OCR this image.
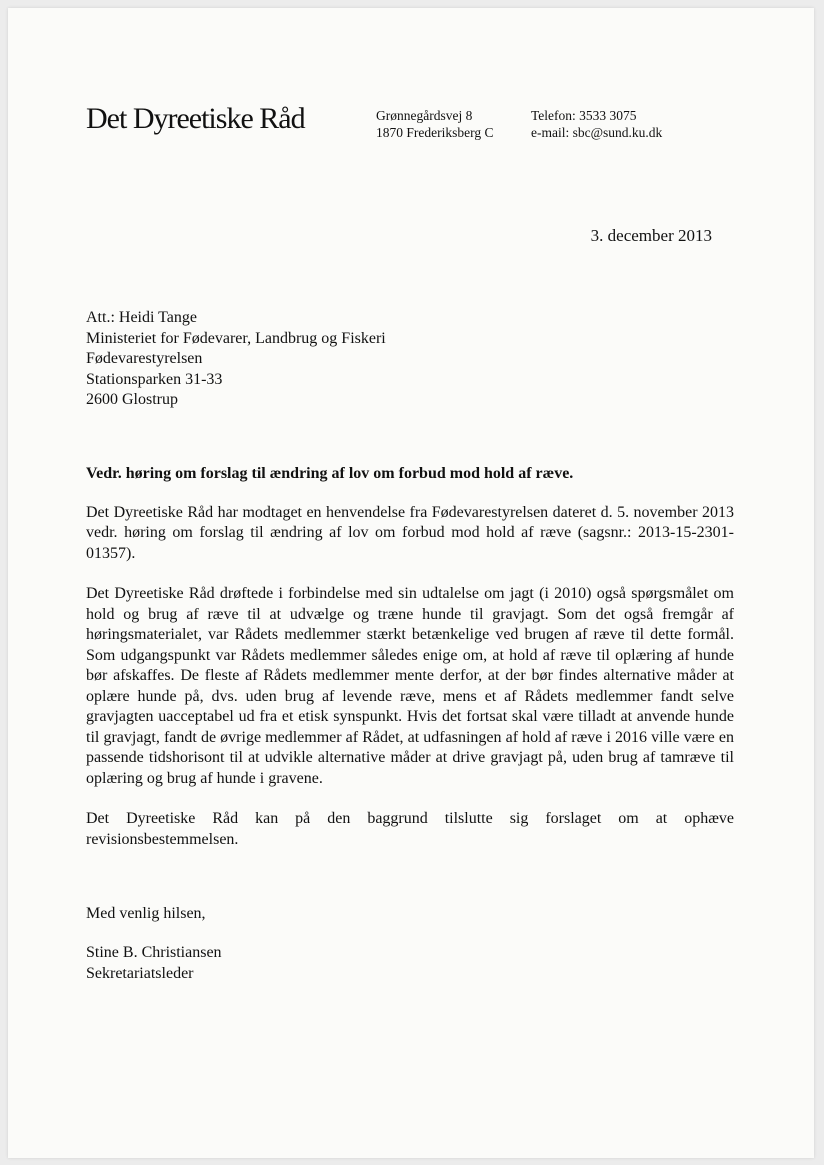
Det Dyreetiske Råd	Grønnegårdsvej 8
1870 Frederiksberg C
Telefon: 3533 3075
e-mail: sbc@sund.ku.dk
3. december 2013
Att.: Heidi Tange
Ministeriet for Fødevarer, Landbrug og Fiskeri
Fødevarestyrelsen
Stationsparken 31-33
2600 Glostrup

Vedr. høring om forslag til ændring af lov om forbud mod hold af ræve.

Det Dyreetiske Råd har modtaget en henvendelse fra Fødevarestyrelsen dateret d. 5. november 2013 vedr. høring om forslag til ændring af lov om forbud mod hold af ræve (sagsnr.: 2013-15-2301-01357).

Det Dyreetiske Råd drøftede i forbindelse med sin udtalelse om jagt (i 2010) også spørgsmålet om hold og brug af ræve til at udvælge og træne hunde til gravjagt. Som det også fremgår af høringsmaterialet, var Rådets medlemmer stærkt betænkelige ved brugen af ræve til dette formål. Som udgangspunkt var Rådets medlemmer således enige om, at hold af ræve til oplæring af hunde bør afskaffes. De fleste af Rådets medlemmer mente derfor, at der bør findes alternative måder at oplære hunde på, dvs. uden brug af levende ræve, mens et af Rådets medlemmer fandt selve gravjagten uacceptabel ud fra et etisk synspunkt. Hvis det fortsat skal være tilladt at anvende hunde til gravjagt, fandt de øvrige medlemmer af Rådet, at udfasningen af hold af ræve i 2016 ville være en passende tidshorisont til at udvikle alternative måder at drive gravjagt på, uden brug af tamræve til oplæring og brug af hunde i gravene.

Det Dyreetiske Råd kan på den baggrund tilslutte sig forslaget om at ophæve revisionsbestemmelsen.

Med venlig hilsen,
Stine B. Christiansen
Sekretariatsleder
